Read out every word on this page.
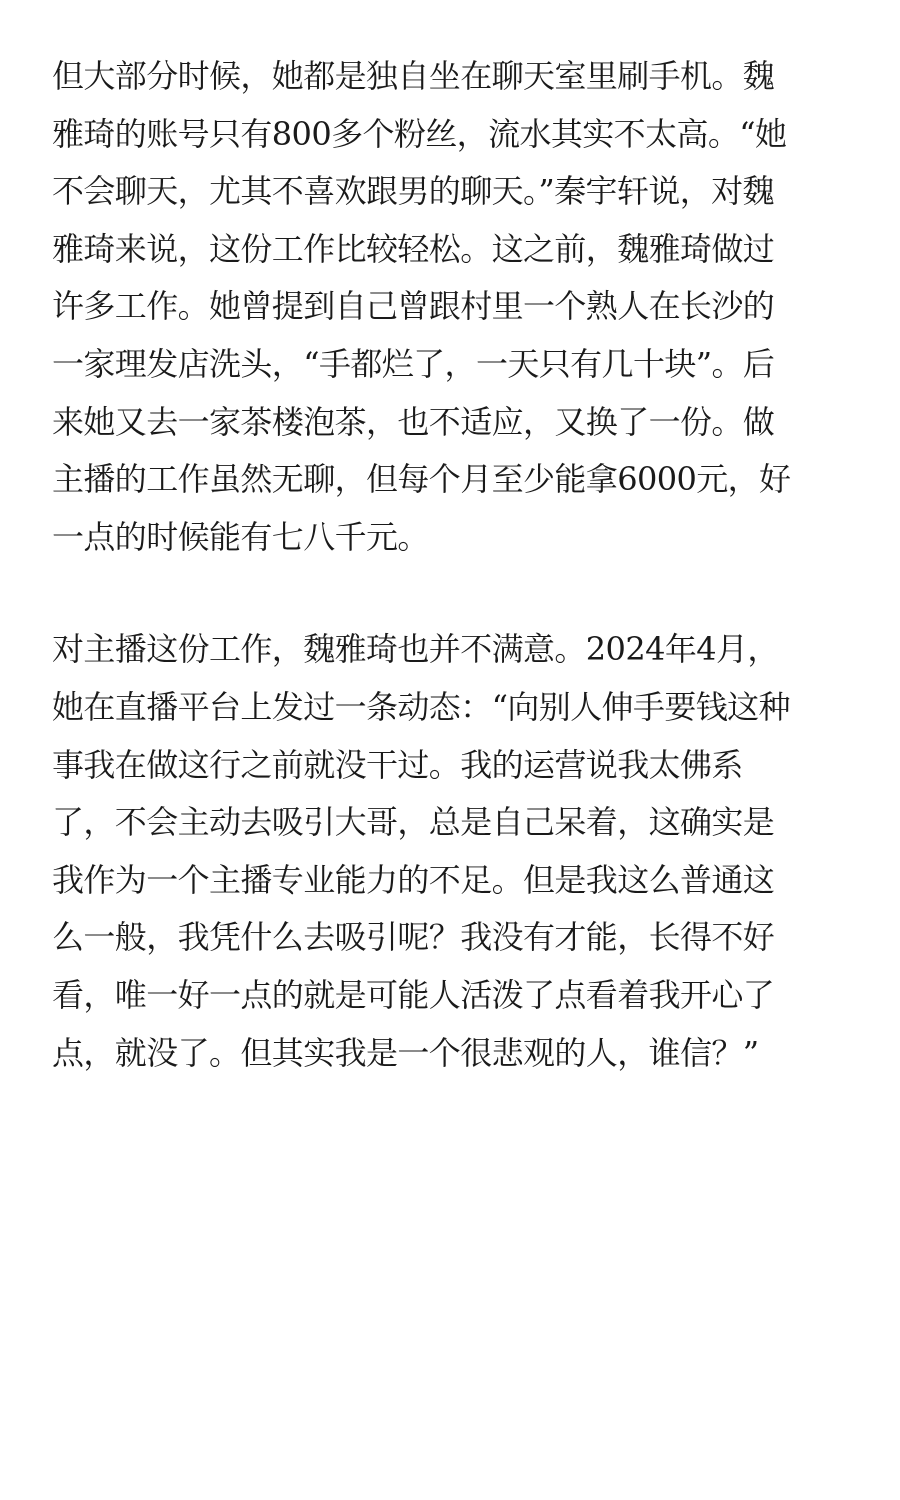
但大部分时候，她都是独自坐在聊天室里刷手机。魏
雅琦的账号只有800多个粉丝，流水其实不太高。“她
不会聊天，尤其不喜欢跟男的聊天。”秦宇轩说，对魏
雅琦来说，这份工作比较轻松。这之前，魏雅琦做过
许多工作。她曾提到自己曾跟村里一个熟人在长沙的
一家理发店洗头，“手都烂了，一天只有几十块”。后
来她又去一家茶楼泡茶，也不适应，又换了一份。做
主播的工作虽然无聊，但每个月至少能拿6000元，好
一点的时候能有七八千元。
对主播这份工作，魏雅琦也并不满意。2024年4月，
她在直播平台上发过一条动态：“向别人伸手要钱这种
事我在做这行之前就没干过。我的运营说我太佛系
了，不会主动去吸引大哥，总是自己呆着，这确实是
我作为一个主播专业能力的不足。但是我这么普通这
么一般，我凭什么去吸引呢？我没有才能，长得不好
看，唯一好一点的就是可能人活泼了点看着我开心了
点，就没了。但其实我是一个很悲观的人，谁信？”
